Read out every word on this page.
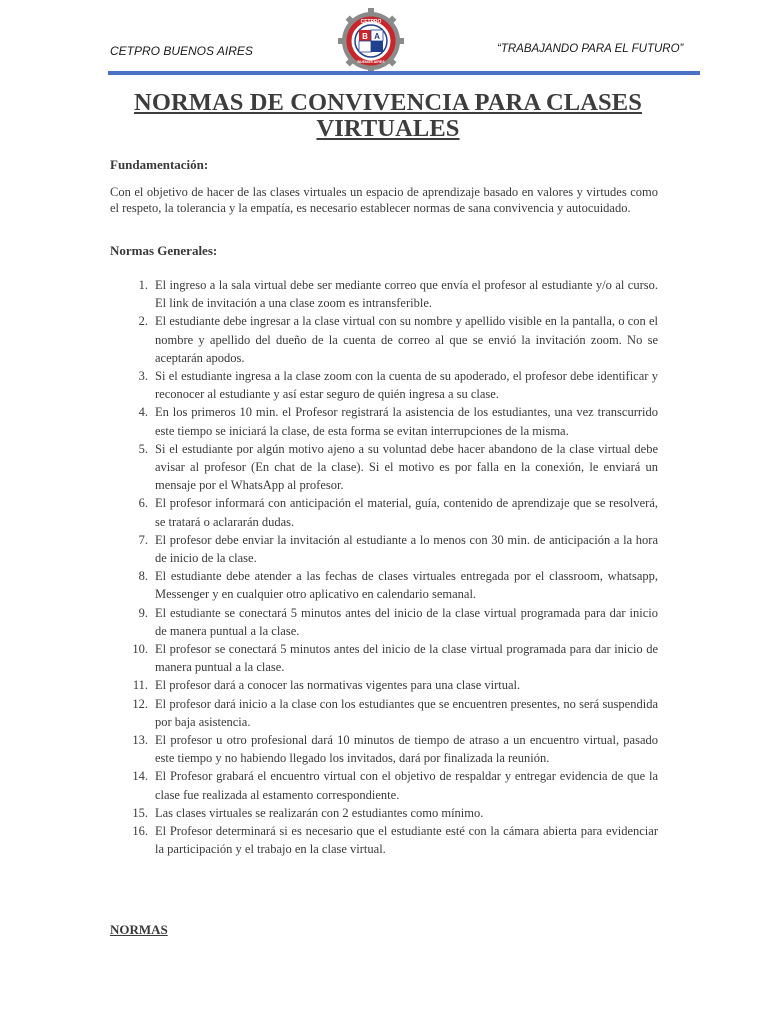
CETPRO BUENOS AIRES
B A
CETPRO
BUENOS AIRES
“TRABAJANDO PARA EL FUTURO”
NORMAS DE CONVIVENCIA PARA CLASES VIRTUALES
Fundamentación:
Con el objetivo de hacer de las clases virtuales un espacio de aprendizaje basado en valores y virtudes como el respeto, la tolerancia y la empatía, es necesario establecer normas de sana convivencia y autocuidado.
Normas Generales:
1. El ingreso a la sala virtual debe ser mediante correo que envía el profesor al estudiante y/o al curso. El link de invitación a una clase zoom es intransferible.
2. El estudiante debe ingresar a la clase virtual con su nombre y apellido visible en la pantalla, o con el nombre y apellido del dueño de la cuenta de correo al que se envió la invitación zoom. No se aceptarán apodos.
3. Si el estudiante ingresa a la clase zoom con la cuenta de su apoderado, el profesor debe identificar y reconocer al estudiante y así estar seguro de quién ingresa a su clase.
4. En los primeros 10 min. el Profesor registrará la asistencia de los estudiantes, una vez transcurrido este tiempo se iniciará la clase, de esta forma se evitan interrupciones de la misma.
5. Si el estudiante por algún motivo ajeno a su voluntad debe hacer abandono de la clase virtual debe avisar al profesor (En chat de la clase). Si el motivo es por falla en la conexión, le enviará un mensaje por el WhatsApp al profesor.
6. El profesor informará con anticipación el material, guía, contenido de aprendizaje que se resolverá, se tratará o aclararán dudas.
7. El profesor debe enviar la invitación al estudiante a lo menos con 30 min. de anticipación a la hora de inicio de la clase.
8. El estudiante debe atender a las fechas de clases virtuales entregada por el classroom, whatsapp, Messenger y en cualquier otro aplicativo en calendario semanal.
9. El estudiante se conectará 5 minutos antes del inicio de la clase virtual programada para dar inicio de manera puntual a la clase.
10. El profesor se conectará 5 minutos antes del inicio de la clase virtual programada para dar inicio de manera puntual a la clase.
11. El profesor dará a conocer las normativas vigentes para una clase virtual.
12. El profesor dará inicio a la clase con los estudiantes que se encuentren presentes, no será suspendida por baja asistencia.
13. El profesor u otro profesional dará 10 minutos de tiempo de atraso a un encuentro virtual, pasado este tiempo y no habiendo llegado los invitados, dará por finalizada la reunión.
14. El Profesor grabará el encuentro virtual con el objetivo de respaldar y entregar evidencia de que la clase fue realizada al estamento correspondiente.
15. Las clases virtuales se realizarán con 2 estudiantes como mínimo.
16. El Profesor determinará si es necesario que el estudiante esté con la cámara abierta para evidenciar la participación y el trabajo en la clase virtual.
NORMAS
